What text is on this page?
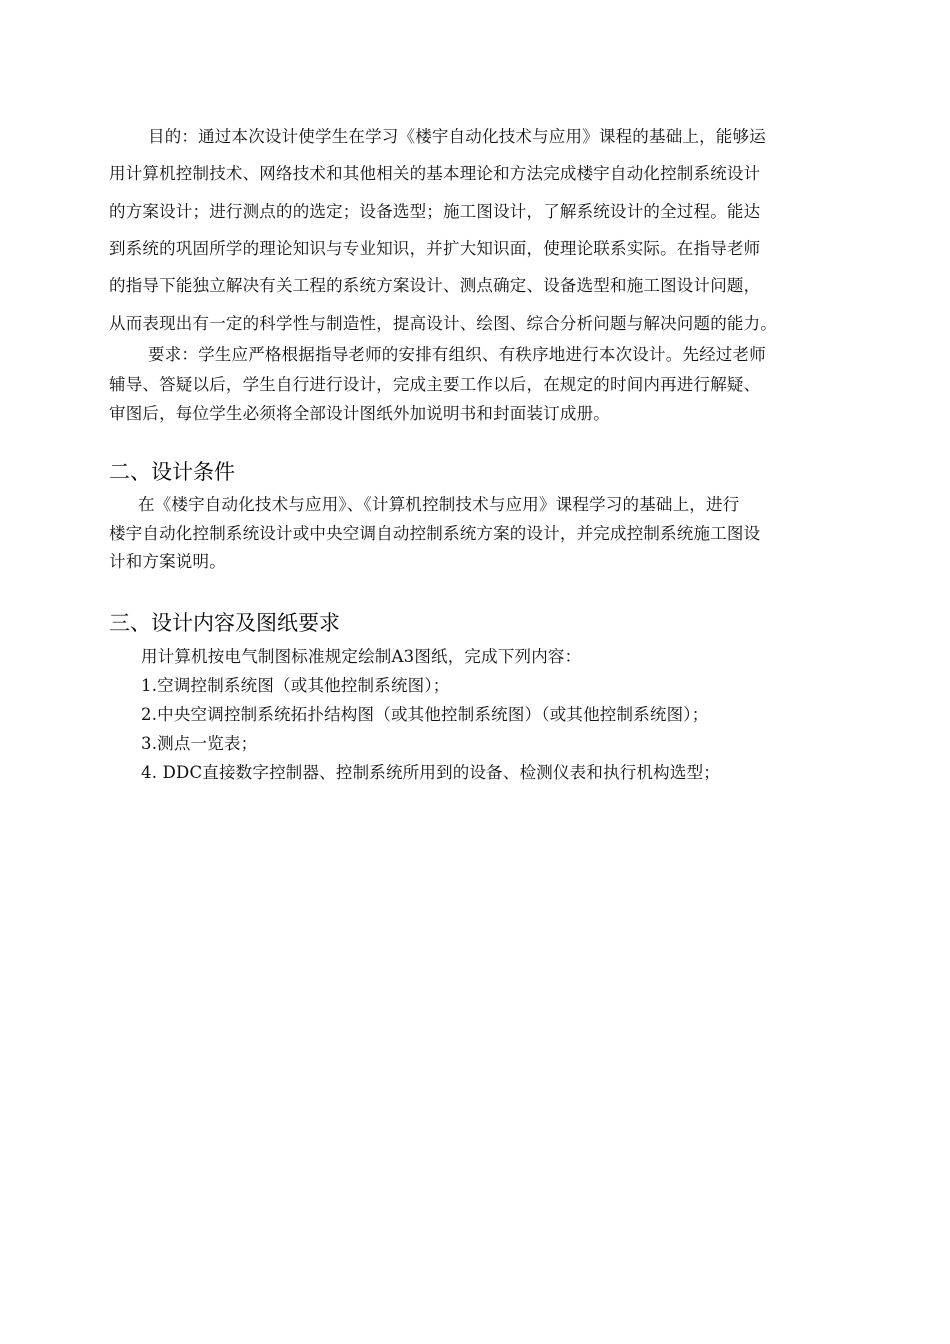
目的：通过本次设计使学生在学习《楼宇自动化技术与应用》课程的基础上，能够运
用计算机控制技术、网络技术和其他相关的基本理论和方法完成楼宇自动化控制系统设计
的方案设计；进行测点的的选定；设备选型；施工图设计，了解系统设计的全过程。能达
到系统的巩固所学的理论知识与专业知识，并扩大知识面，使理论联系实际。在指导老师
的指导下能独立解决有关工程的系统方案设计、测点确定、设备选型和施工图设计问题，
从而表现出有一定的科学性与制造性，提高设计、绘图、综合分析问题与解决问题的能力。
要求：学生应严格根据指导老师的安排有组织、有秩序地进行本次设计。先经过老师
辅导、答疑以后，学生自行进行设计，完成主要工作以后，在规定的时间内再进行解疑、
审图后，每位学生必须将全部设计图纸外加说明书和封面装订成册。
二、设计条件
在《楼宇自动化技术与应用》、《计算机控制技术与应用》课程学习的基础上，进行
楼宇自动化控制系统设计或中央空调自动控制系统方案的设计，并完成控制系统施工图设
计和方案说明。
三、设计内容及图纸要求
用计算机按电气制图标准规定绘制A3图纸，完成下列内容：
1.空调控制系统图（或其他控制系统图）；
2.中央空调控制系统拓扑结构图（或其他控制系统图）（或其他控制系统图）；
3.测点一览表；
4. DDC直接数字控制器、控制系统所用到的设备、检测仪表和执行机构选型；
